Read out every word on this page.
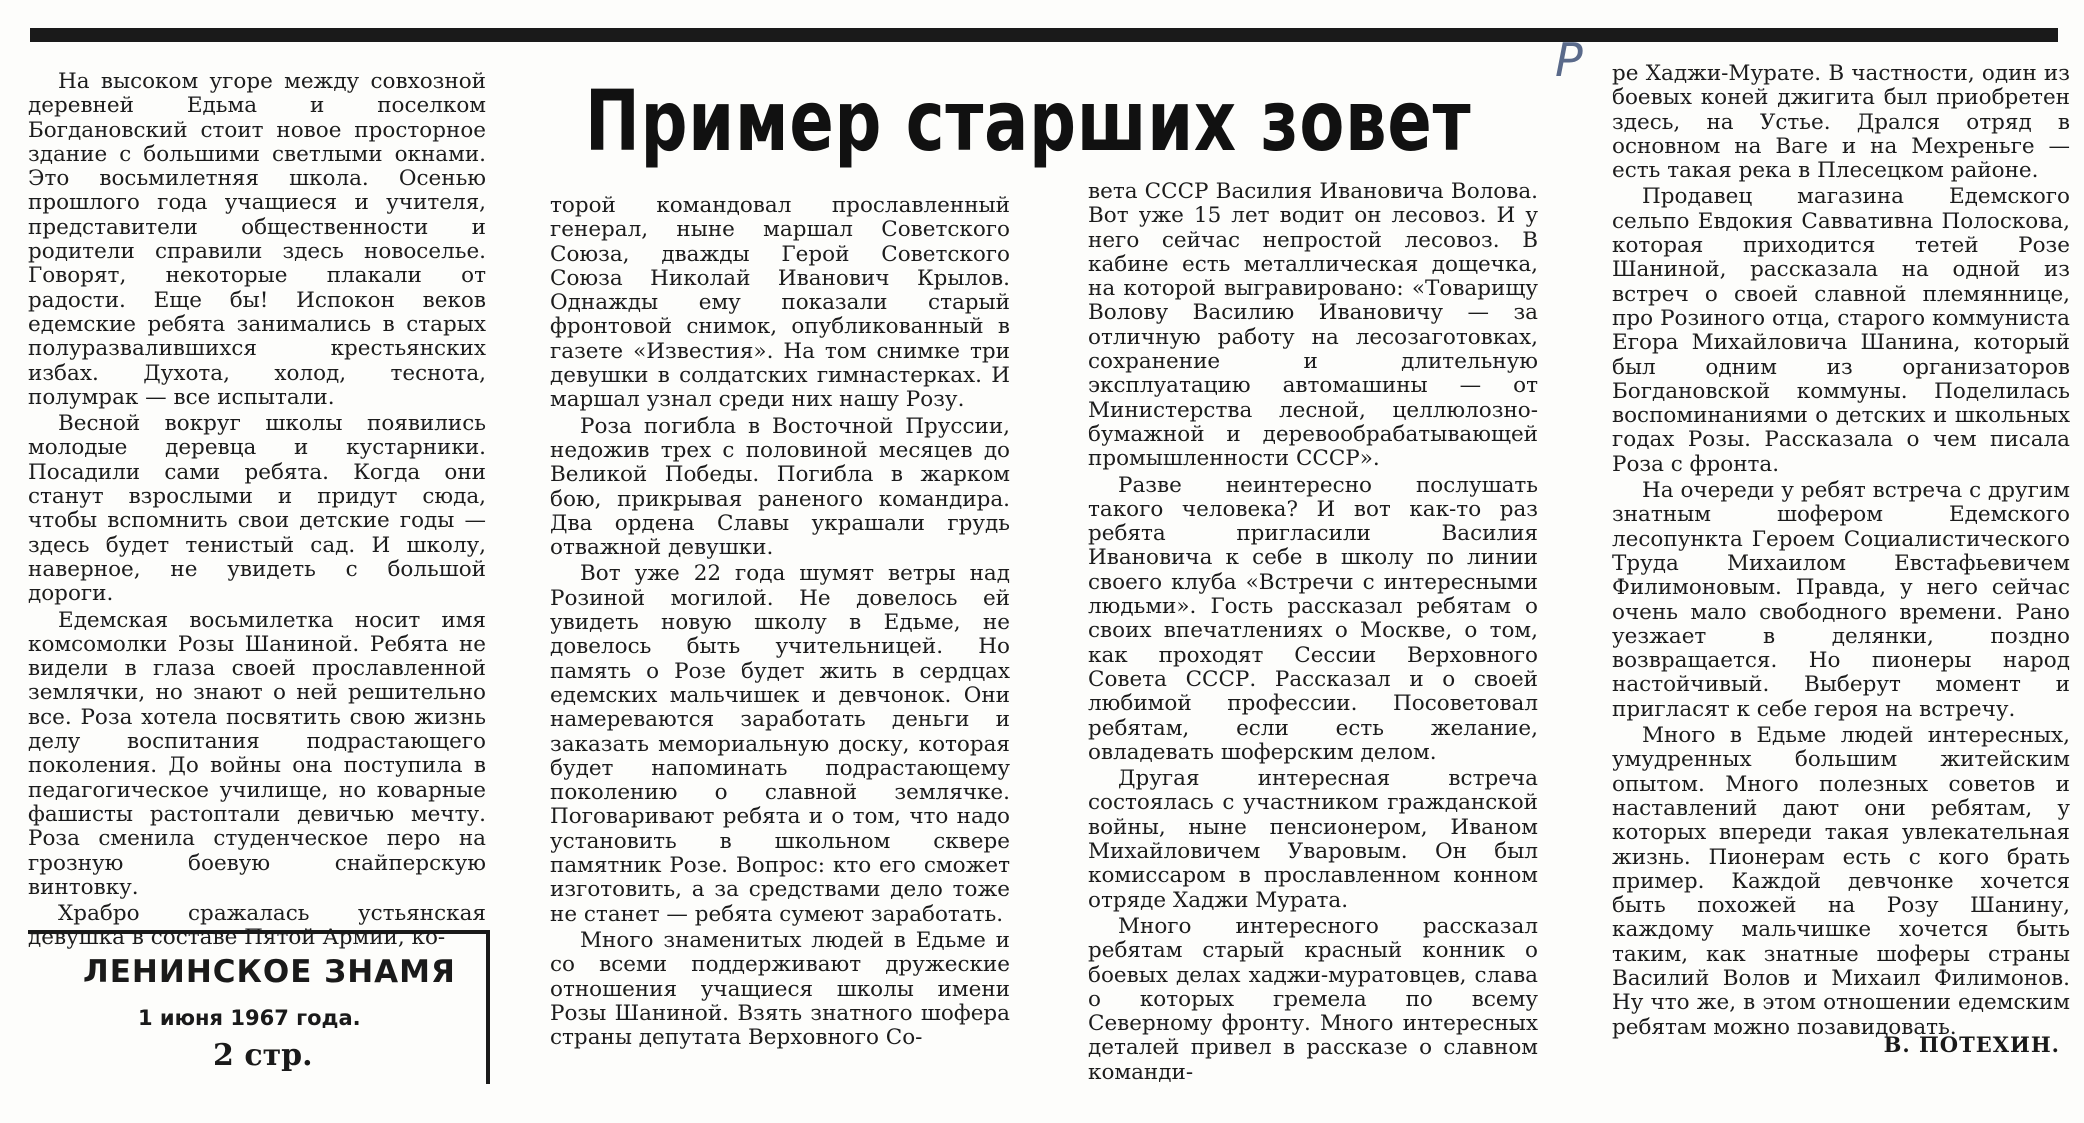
P
Пример старших зовет

На высоком угоре между совхозной деревней Едьма и поселком Богдановский стоит новое просторное здание с большими светлыми окнами. Это восьмилетняя школа. Осенью прошлого года учащиеся и учителя, представители общественности и родители справили здесь новоселье. Говорят, некоторые плакали от радости. Еще бы! Испокон веков едемские ребята занимались в старых полуразвалившихся крестьянских избах. Духота, холод, теснота, полумрак — все испытали.

Весной вокруг школы появились молодые деревца и кустарники. Посадили сами ребята. Когда они станут взрослыми и придут сюда, чтобы вспомнить свои детские годы — здесь будет тенистый сад. И школу, наверное, не увидеть с большой дороги.

Едемская восьмилетка носит имя комсомолки Розы Шаниной. Ребята не видели в глаза своей прославленной землячки, но знают о ней решительно все. Роза хотела посвятить свою жизнь делу воспитания подрастающего поколения. До войны она поступила в педагогическое училище, но коварные фашисты растоптали девичью мечту. Роза сменила студенческое перо на грозную боевую снайперскую винтовку.

Храбро сражалась устьянская девушка в составе Пятой Армии, ко-

торой командовал прославленный генерал, ныне маршал Советского Союза, дважды Герой Советского Союза Николай Иванович Крылов. Однажды ему показали старый фронтовой снимок, опубликованный в газете «Известия». На том снимке три девушки в солдатских гимнастерках. И маршал узнал среди них нашу Розу.

Роза погибла в Восточной Пруссии, недожив трех с половиной месяцев до Великой Победы. Погибла в жарком бою, прикрывая раненого командира. Два ордена Славы украшали грудь отважной девушки.

Вот уже 22 года шумят ветры над Розиной могилой. Не довелось ей увидеть новую школу в Едьме, не довелось быть учительницей. Но память о Розе будет жить в сердцах едемских мальчишек и девчонок. Они намереваются заработать деньги и заказать мемориальную доску, которая будет напоминать подрастающему поколению о славной землячке. Поговаривают ребята и о том, что надо установить в школьном сквере памятник Розе. Вопрос: кто его сможет изготовить, а за средствами дело тоже не станет — ребята сумеют заработать.

Много знаменитых людей в Едьме и со всеми поддерживают дружеские отношения учащиеся школы имени Розы Шаниной. Взять знатного шофера страны депутата Верховного Со-

вета СССР Василия Ивановича Волова. Вот уже 15 лет водит он лесовоз. И у него сейчас непростой лесовоз. В кабине есть металлическая дощечка, на которой выгравировано: «Товарищу Волову Василию Ивановичу — за отличную работу на лесозаготовках, сохранение и длительную эксплуатацию автомашины — от Министерства лесной, целлюлозно-бумажной и деревообрабатывающей промышленности СССР».

Разве неинтересно послушать такого человека? И вот как-то раз ребята пригласили Василия Ивановича к себе в школу по линии своего клуба «Встречи с интересными людьми». Гость рассказал ребятам о своих впечатлениях о Москве, о том, как проходят Сессии Верховного Совета СССР. Рассказал и о своей любимой профессии. Посоветовал ребятам, если есть желание, овладевать шоферским делом.

Другая интересная встреча состоялась с участником гражданской войны, ныне пенсионером, Иваном Михайловичем Уваровым. Он был комиссаром в прославленном конном отряде Хаджи Мурата.

Много интересного рассказал ребятам старый красный конник о боевых делах хаджи-муратовцев, слава о которых гремела по всему Северному фронту. Много интересных деталей привел в рассказе о славном команди-

ре Хаджи-Мурате. В частности, один из боевых коней джигита был приобретен здесь, на Устье. Дрался отряд в основном на Ваге и на Мехреньге — есть такая река в Плесецком районе.

Продавец магазина Едемского сельпо Евдокия Саввативна Полоскова, которая приходится тетей Розе Шаниной, рассказала на одной из встреч о своей славной племяннице, про Розиного отца, старого коммуниста Егора Михайловича Шанина, который был одним из организаторов Богдановской коммуны. Поделилась воспоминаниями о детских и школьных годах Розы. Рассказала о чем писала Роза с фронта.

На очереди у ребят встреча с другим знатным шофером Едемского лесопункта Героем Социалистического Труда Михаилом Евстафьевичем Филимоновым. Правда, у него сейчас очень мало свободного времени. Рано уезжает в делянки, поздно возвращается. Но пионеры народ настойчивый. Выберут момент и пригласят к себе героя на встречу.

Много в Едьме людей интересных, умудренных большим житейским опытом. Много полезных советов и наставлений дают они ребятам, у которых впереди такая увлекательная жизнь. Пионерам есть с кого брать пример. Каждой девчонке хочется быть похожей на Розу Шанину, каждому мальчишке хочется быть таким, как знатные шоферы страны Василий Волов и Михаил Филимонов. Ну что же, в этом отношении едемским ребятам можно позавидовать.

ЛЕНИНСКОЕ ЗНАМЯ
1 июня 1967 года.
2 стр.	В. ПОТЕХИН.
